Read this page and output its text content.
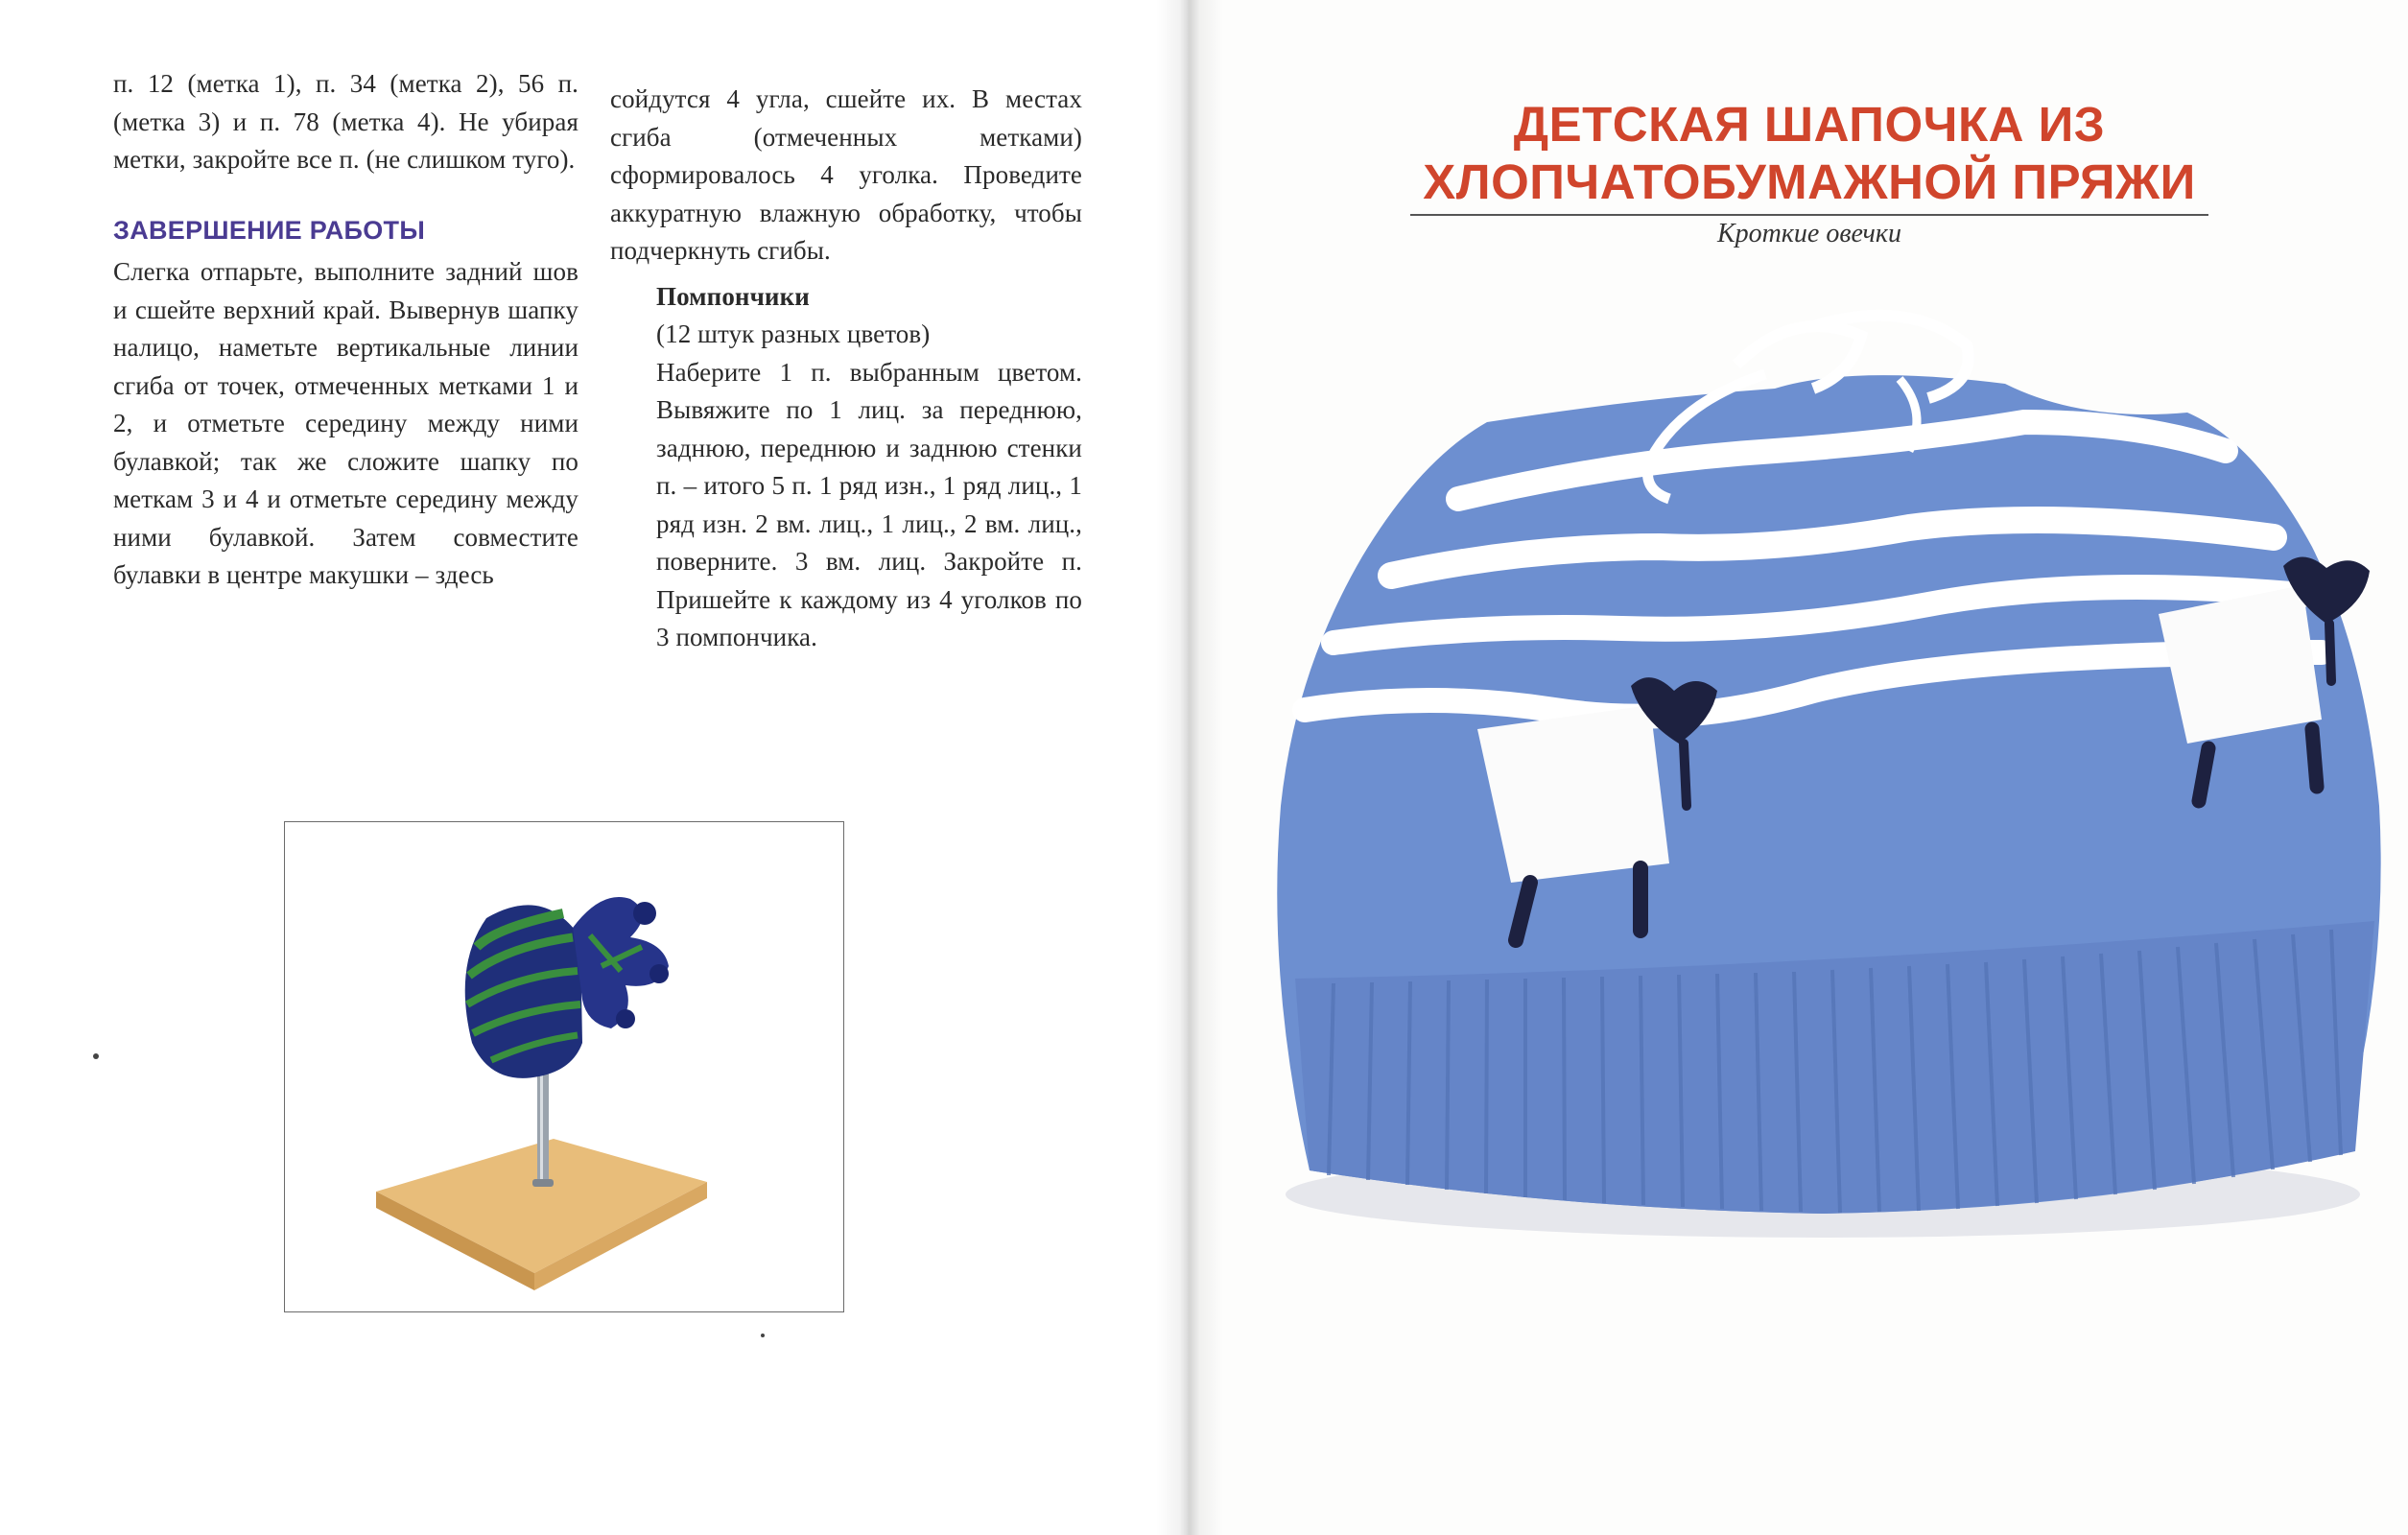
п. 12 (метка 1), п. 34 (метка 2), 56 п. (метка 3) и п. 78 (метка 4). Не убирая метки, закройте все п. (не слишком туго).

ЗАВЕРШЕНИЕ РАБОТЫ

Слегка отпарьте, выполните задний шов и сшейте верхний край. Вывернув шапку налицо, наметьте вертикальные линии сгиба от точек, отмеченных метками 1 и 2, и отметьте середину между ними булавкой; так же сложите шапку по меткам 3 и 4 и отметьте середину между ними булавкой. Затем совместите булавки в центре макушки – здесь

сойдутся 4 угла, сшейте их. В местах сгиба (отмеченных метками) сформировалось 4 уголка. Проведите аккуратную влажную обработку, чтобы подчеркнуть сгибы.

Помпончики

(12 штук разных цветов)

Наберите 1 п. выбранным цветом. Вывяжите по 1 лиц. за переднюю, заднюю, переднюю и заднюю стенки п. – итого 5 п. 1 ряд изн., 1 ряд лиц., 1 ряд изн. 2 вм. лиц., 1 лиц., 2 вм. лиц., поверните. 3 вм. лиц. Закройте п. Пришейте к каждому из 4 уголков по 3 помпончика.

ДЕТСКАЯ ШАПОЧКА ИЗ
ХЛОПЧАТОБУМАЖНОЙ ПРЯЖИ
Кроткие овечки
